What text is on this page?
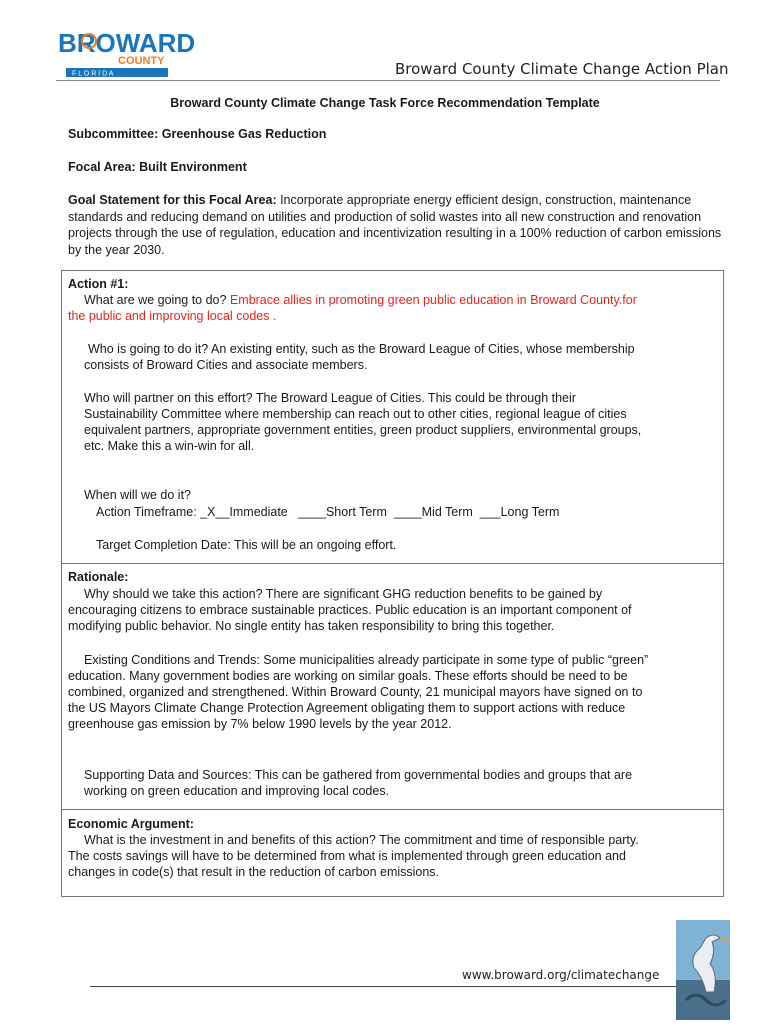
BROWARD
COUNTY
F L O R I D A	Broward County Climate Change Action Plan
Broward County Climate Change Task Force Recommendation Template
Subcommittee: Greenhouse Gas Reduction
Focal Area: Built Environment
Goal Statement for this Focal Area: Incorporate appropriate energy efficient design, construction, maintenance standards and reducing demand on utilities and production of solid wastes into all new construction and renovation projects through the use of regulation, education and incentivization resulting in a 100% reduction of carbon emissions by the year 2030.
Action #1:
What are we going to do? Embrace allies in promoting green public education in Broward County.for
the public and improving local codes .
Who is going to do it? An existing entity, such as the Broward League of Cities, whose membership
consists of Broward Cities and associate members.
Who will partner on this effort? The Broward League of Cities. This could be through their
Sustainability Committee where membership can reach out to other cities, regional league of cities
equivalent partners, appropriate government entities, green product suppliers, environmental groups,
etc. Make this a win-win for all.
When will we do it?
Action Timeframe: _X__Immediate   ____Short Term  ____Mid Term  ___Long Term
Target Completion Date: This will be an ongoing effort.
Rationale:
Why should we take this action? There are significant GHG reduction benefits to be gained by
encouraging citizens to embrace sustainable practices. Public education is an important component of
modifying public behavior. No single entity has taken responsibility to bring this together.
Existing Conditions and Trends: Some municipalities already participate in some type of public “green”
education. Many government bodies are working on similar goals. These efforts should be need to be
combined, organized and strengthened. Within Broward County, 21 municipal mayors have signed on to
the US Mayors Climate Change Protection Agreement obligating them to support actions with reduce
greenhouse gas emission by 7% below 1990 levels by the year 2012.
Supporting Data and Sources: This can be gathered from governmental bodies and groups that are
working on green education and improving local codes.
Economic Argument:
What is the investment in and benefits of this action? The commitment and time of responsible party.
The costs savings will have to be determined from what is implemented through green education and
changes in code(s) that result in the reduction of carbon emissions.
www.broward.org/climatechange
